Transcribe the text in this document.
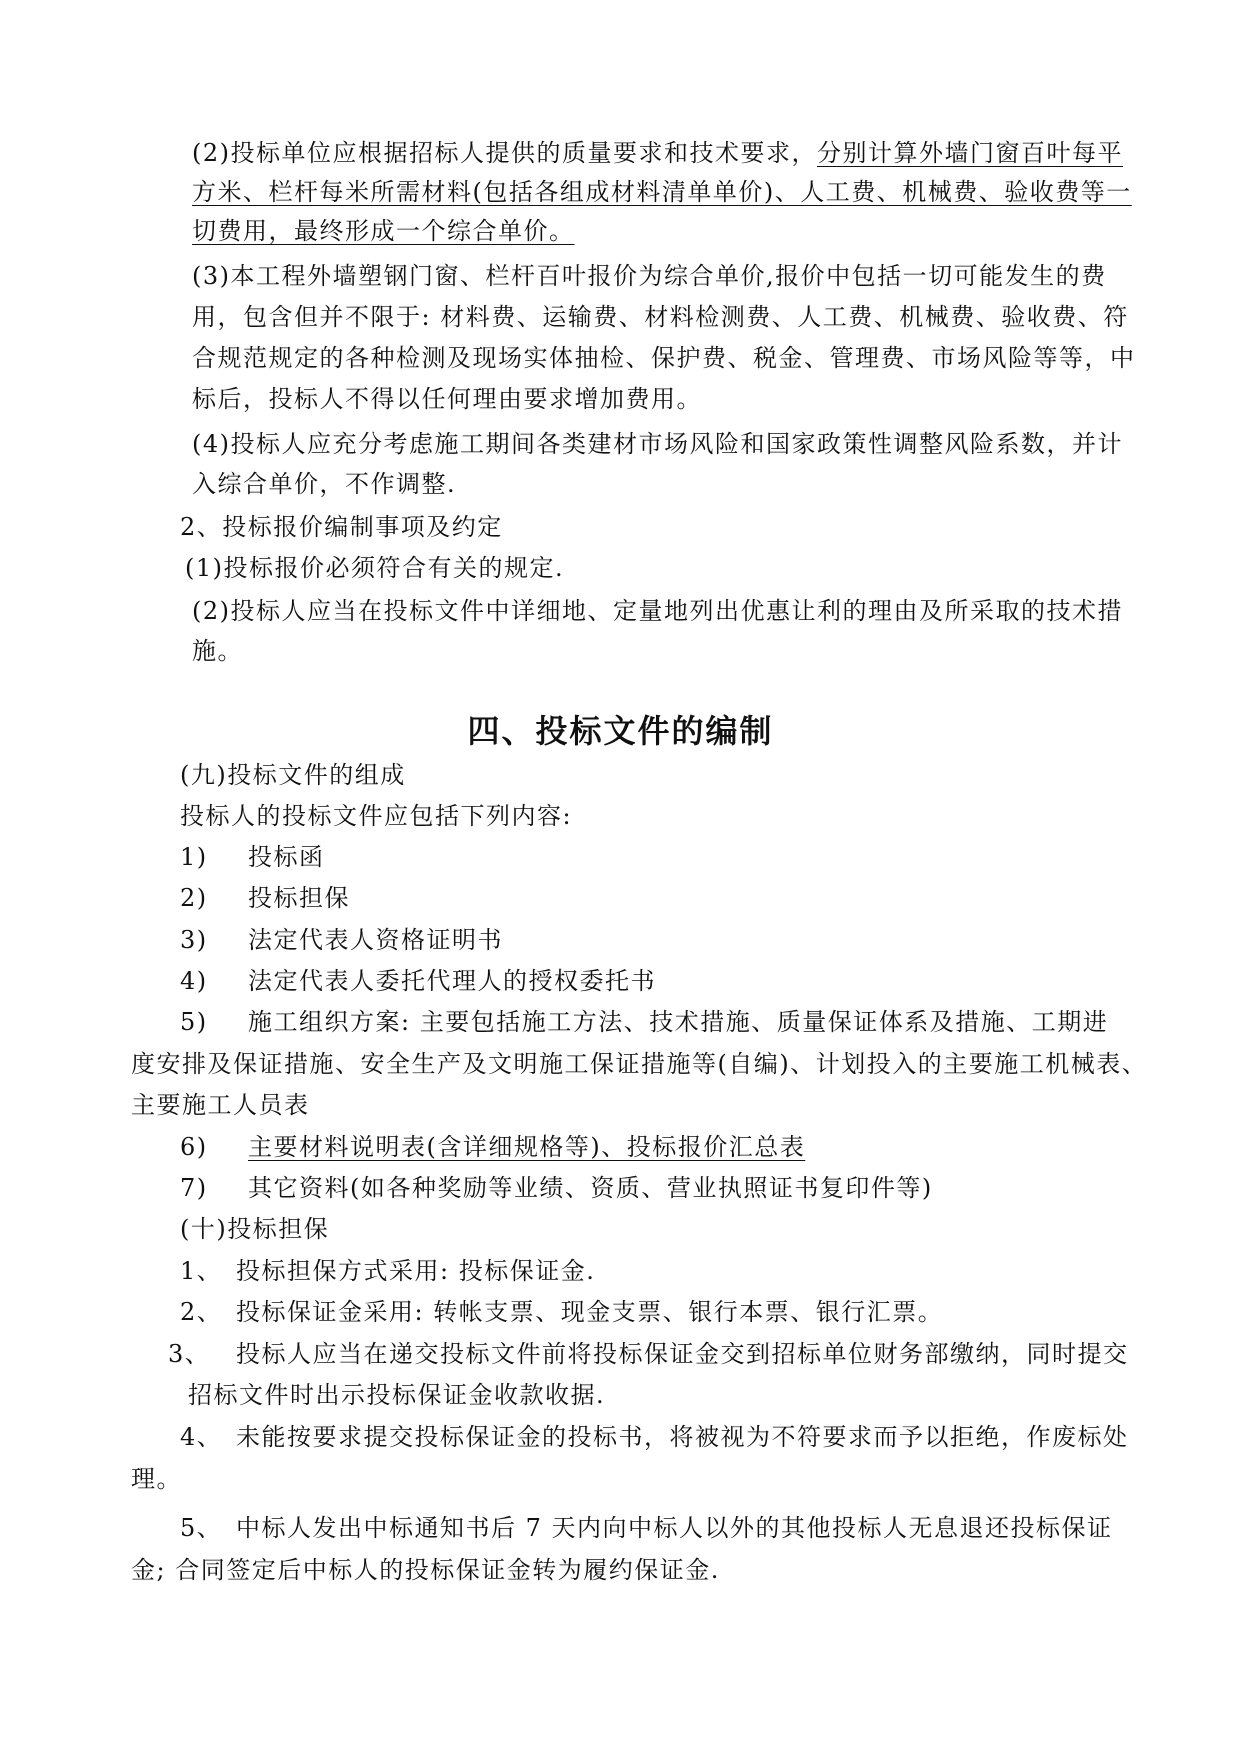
(2)投标单位应根据招标人提供的质量要求和技术要求，分别计算外墙门窗百叶每平

方米、栏杆每米所需材料(包括各组成材料清单单价)、人工费、机械费、验收费等一

切费用，最终形成一个综合单价。

(3)本工程外墙塑钢门窗、栏杆百叶报价为综合单价,报价中包括一切可能发生的费

用，包含但并不限于: 材料费、运输费、材料检测费、人工费、机械费、验收费、符

合规范规定的各种检测及现场实体抽检、保护费、税金、管理费、市场风险等等，中

标后，投标人不得以任何理由要求增加费用。

(4)投标人应充分考虑施工期间各类建材市场风险和国家政策性调整风险系数，并计

入综合单价，不作调整.

2、投标报价编制事项及约定

(1)投标报价必须符合有关的规定.

(2)投标人应当在投标文件中详细地、定量地列出优惠让利的理由及所采取的技术措

施。

四、投标文件的编制

(九)投标文件的组成

投标人的投标文件应包括下列内容:

1) 投标函

2) 投标担保

3) 法定代表人资格证明书

4) 法定代表人委托代理人的授权委托书

5) 施工组织方案: 主要包括施工方法、技术措施、质量保证体系及措施、工期进

度安排及保证措施、安全生产及文明施工保证措施等(自编)、计划投入的主要施工机械表、

主要施工人员表

6) 主要材料说明表(含详细规格等)、投标报价汇总表

7) 其它资料(如各种奖励等业绩、资质、营业执照证书复印件等)

(十)投标担保

1、 投标担保方式采用: 投标保证金.

2、 投标保证金采用: 转帐支票、现金支票、银行本票、银行汇票。

3、 投标人应当在递交投标文件前将投标保证金交到招标单位财务部缴纳，同时提交

招标文件时出示投标保证金收款收据.

4、 未能按要求提交投标保证金的投标书，将被视为不符要求而予以拒绝，作废标处

理。

5、 中标人发出中标通知书后 7 天内向中标人以外的其他投标人无息退还投标保证

金; 合同签定后中标人的投标保证金转为履约保证金.
